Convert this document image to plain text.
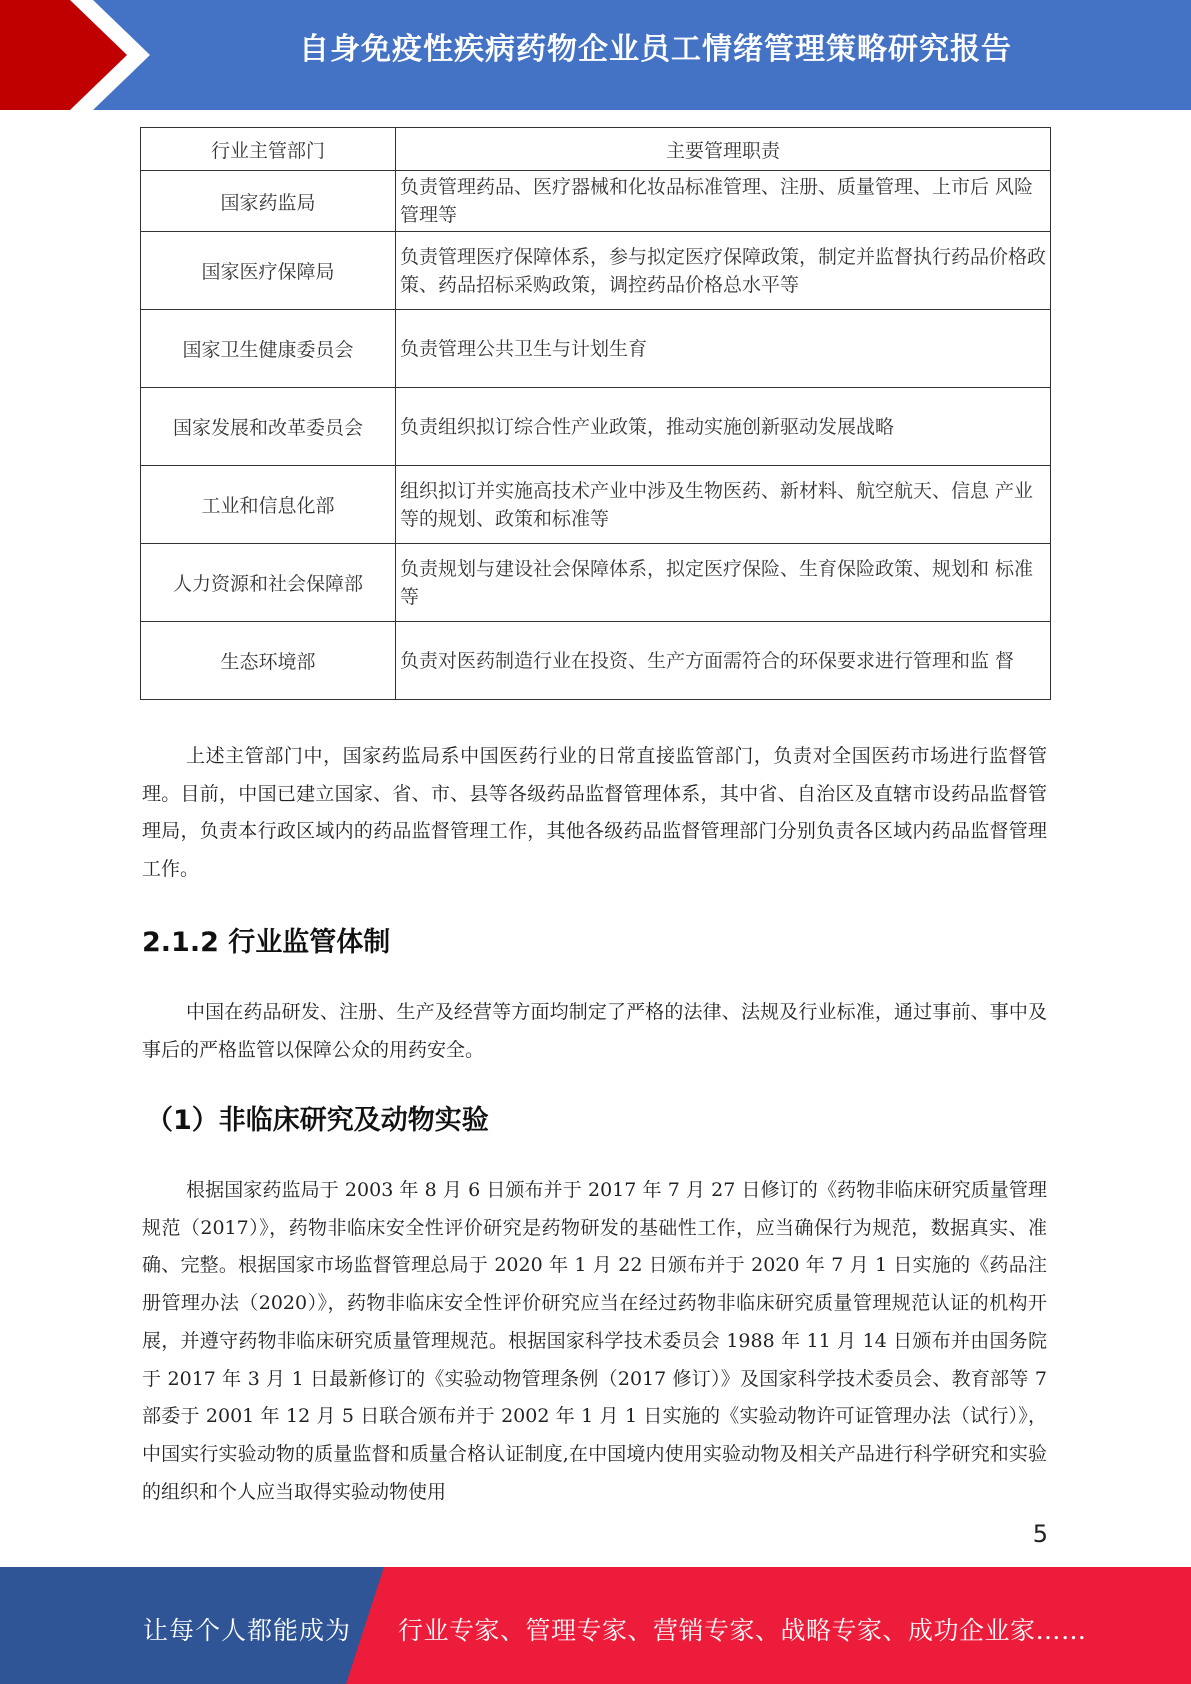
自身免疫性疾病药物企业员工情绪管理策略研究报告
行业主管部门	主要管理职责
国家药监局	负责管理药品、医疗器械和化妆品标准管理、注册、质量管理、上市后 风险管理等
国家医疗保障局	负责管理医疗保障体系，参与拟定医疗保障政策，制定并监督执行药品价格政策、药品招标采购政策，调控药品价格总水平等
国家卫生健康委员会	负责管理公共卫生与计划生育
国家发展和改革委员会	负责组织拟订综合性产业政策，推动实施创新驱动发展战略
工业和信息化部	组织拟订并实施高技术产业中涉及生物医药、新材料、航空航天、信息 产业等的规划、政策和标准等
人力资源和社会保障部	负责规划与建设社会保障体系，拟定医疗保险、生育保险政策、规划和 标准等
生态环境部	负责对医药制造行业在投资、生产方面需符合的环保要求进行管理和监 督

上述主管部门中，国家药监局系中国医药行业的日常直接监管部门，负责对全国医药市场进行监督管理。目前，中国已建立国家、省、市、县等各级药品监督管理体系，其中省、自治区及直辖市设药品监督管理局，负责本行政区域内的药品监督管理工作，其他各级药品监督管理部门分别负责各区域内药品监督管理工作。

2.1.2 行业监管体制

中国在药品研发、注册、生产及经营等方面均制定了严格的法律、法规及行业标准，通过事前、事中及事后的严格监管以保障公众的用药安全。

（1）非临床研究及动物实验

根据国家药监局于 2003 年 8 月 6 日颁布并于 2017 年 7 月 27 日修订的《药物非临床研究质量管理规范（2017）》，药物非临床安全性评价研究是药物研发的基础性工作，应当确保行为规范，数据真实、准确、完整。根据国家市场监督管理总局于 2020 年 1 月 22 日颁布并于 2020 年 7 月 1 日实施的《药品注册管理办法（2020）》，药物非临床安全性评价研究应当在经过药物非临床研究质量管理规范认证的机构开展，并遵守药物非临床研究质量管理规范。根据国家科学技术委员会 1988 年 11 月 14 日颁布并由国务院于 2017 年 3 月 1 日最新修订的《实验动物管理条例（2017 修订）》及国家科学技术委员会、教育部等 7 部委于 2001 年 12 月 5 日联合颁布并于 2002 年 1 月 1 日实施的《实验动物许可证管理办法（试行）》，中国实行实验动物的质量监督和质量合格认证制度,在中国境内使用实验动物及相关产品进行科学研究和实验的组织和个人应当取得实验动物使用

5
让每个人都能成为 行业专家、管理专家、营销专家、战略专家、成功企业家……
